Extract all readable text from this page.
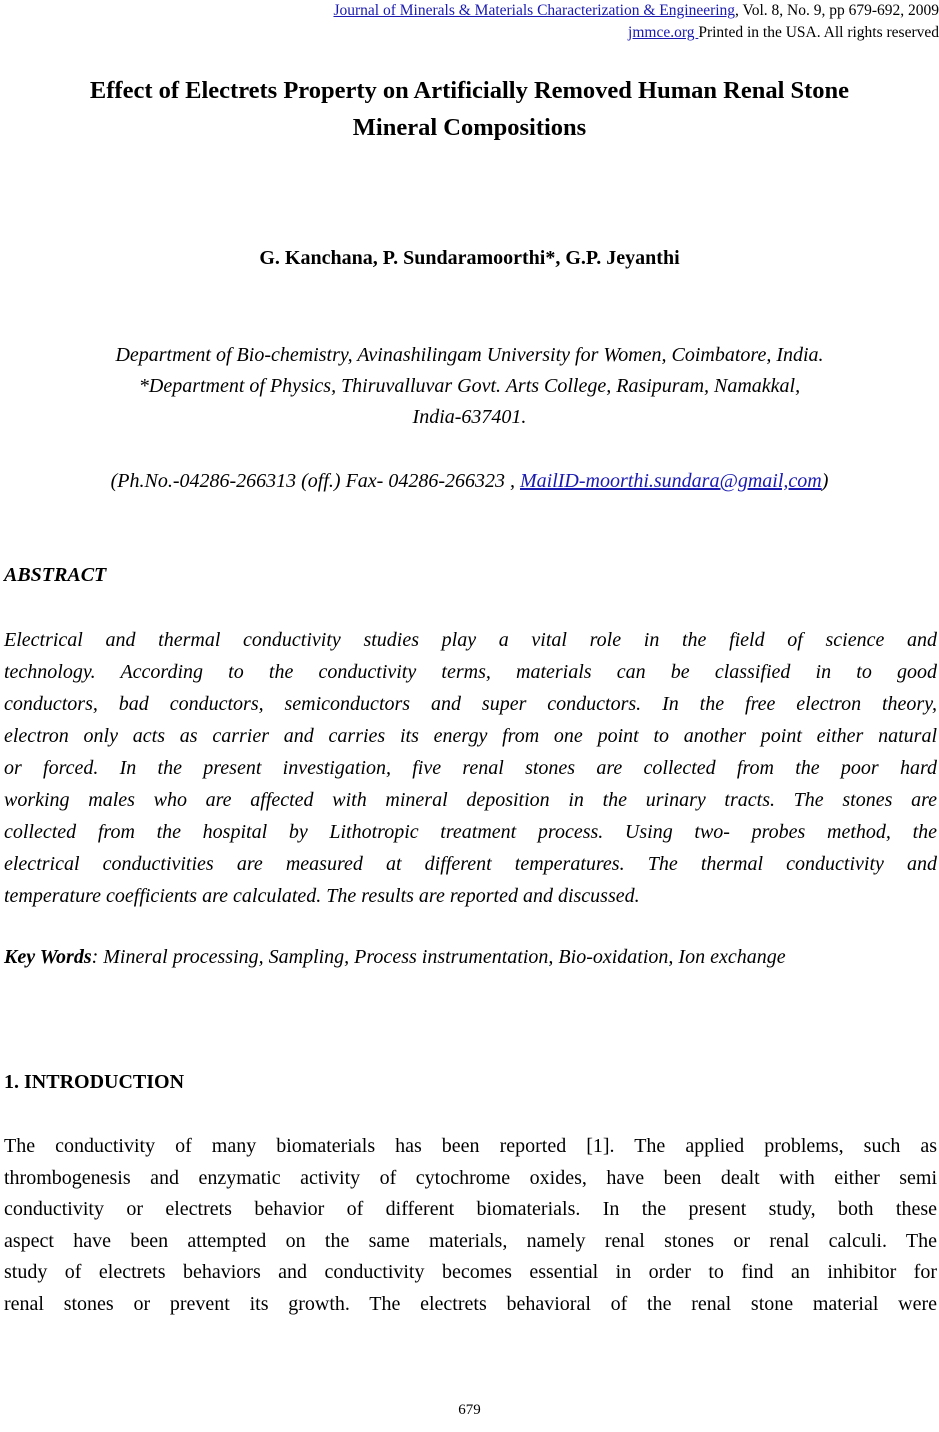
Journal of Minerals & Materials Characterization & Engineering, Vol. 8, No. 9, pp 679-692, 2009
jmmce.org Printed in the USA. All rights reserved
Effect of Electrets Property on Artificially Removed Human Renal Stone
Mineral Compositions
G. Kanchana, P. Sundaramoorthi*, G.P. Jeyanthi
Department of Bio-chemistry, Avinashilingam University for Women, Coimbatore, India.
*Department of Physics, Thiruvalluvar Govt. Arts College, Rasipuram, Namakkal,
India-637401.
(Ph.No.-04286-266313 (off.) Fax- 04286-266323 , MailID-moorthi.sundara@gmail,com)
ABSTRACT
Electrical and thermal conductivity studies play a vital role in the field of science and
technology. According to the conductivity terms, materials can be classified in to good
conductors, bad conductors, semiconductors and super conductors. In the free electron theory,
electron only acts as carrier and carries its energy from one point to another point either natural
or forced. In the present investigation, five renal stones are collected from the poor hard
working males who are affected with mineral deposition in the urinary tracts. The stones are
collected from the hospital by Lithotropic treatment process. Using two- probes method, the
electrical conductivities are measured at different temperatures. The thermal conductivity and
temperature coefficients are calculated. The results are reported and discussed.
Key Words: Mineral processing, Sampling, Process instrumentation, Bio-oxidation, Ion exchange
1. INTRODUCTION
The conductivity of many biomaterials has been reported [1]. The applied problems, such as
thrombogenesis and enzymatic activity of cytochrome oxides, have been dealt with either semi
conductivity or electrets behavior of different biomaterials. In the present study, both these
aspect have been attempted on the same materials, namely renal stones or renal calculi. The
study of electrets behaviors and conductivity becomes essential in order to find an inhibitor for
renal stones or prevent its growth. The electrets behavioral of the renal stone material were
679
